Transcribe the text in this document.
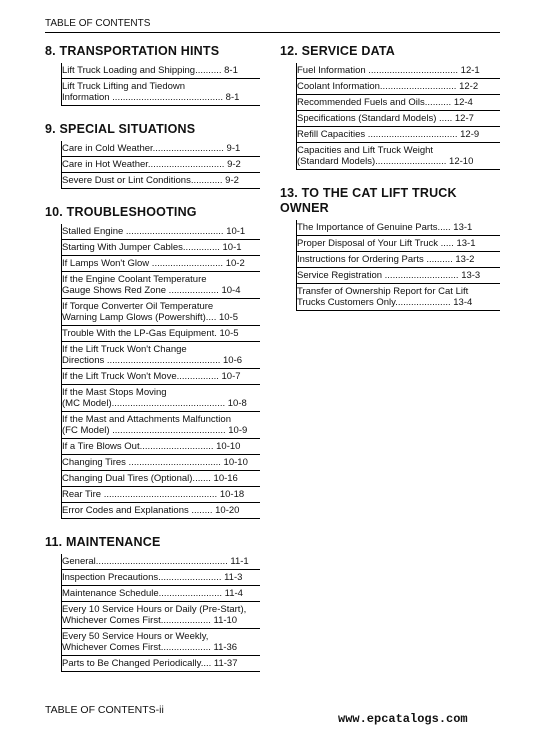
TABLE OF CONTENTS
8. TRANSPORTATION HINTS
Lift Truck Loading and Shipping.......... 8-1
Lift Truck Lifting and Tiedown
Information .......................................... 8-1
9. SPECIAL SITUATIONS
Care in Cold Weather........................... 9-1
Care in Hot Weather............................. 9-2
Severe Dust or Lint Conditions............ 9-2
10. TROUBLESHOOTING
Stalled Engine ..................................... 10-1
Starting With Jumper Cables.............. 10-1
If Lamps Won't Glow ........................... 10-2
If the Engine Coolant Temperature
Gauge Shows Red Zone ................... 10-4
If Torque Converter Oil Temperature
Warning Lamp Glows (Powershift).... 10-5
Trouble With the LP-Gas Equipment. 10-5
If the Lift Truck Won't Change
Directions ........................................... 10-6
If the Lift Truck Won't Move................ 10-7
If the Mast Stops Moving
(MC Model)........................................... 10-8
If the Mast and Attachments Malfunction
(FC Model) ........................................... 10-9
If a Tire Blows Out............................ 10-10
Changing Tires ................................... 10-10
Changing Dual Tires (Optional)....... 10-16
Rear Tire ........................................... 10-18
Error Codes and Explanations ........ 10-20
11. MAINTENANCE
General.................................................. 11-1
Inspection Precautions........................ 11-3
Maintenance Schedule........................ 11-4
Every 10 Service Hours or Daily (Pre-Start),
Whichever Comes First................... 11-10
Every 50 Service Hours or Weekly,
Whichever Comes First................... 11-36
Parts to Be Changed Periodically.... 11-37
12. SERVICE DATA
Fuel Information .................................. 12-1
Coolant Information............................. 12-2
Recommended Fuels and Oils.......... 12-4
Specifications (Standard Models) ..... 12-7
Refill Capacities .................................. 12-9
Capacities and Lift Truck Weight
(Standard Models)........................... 12-10
13. TO THE CAT LIFT TRUCK OWNER
The Importance of Genuine Parts..... 13-1
Proper Disposal of Your Lift Truck ..... 13-1
Instructions for Ordering Parts .......... 13-2
Service Registration ............................ 13-3
Transfer of Ownership Report for Cat Lift
Trucks Customers Only..................... 13-4
TABLE OF CONTENTS-ii
www.epcatalogs.com
